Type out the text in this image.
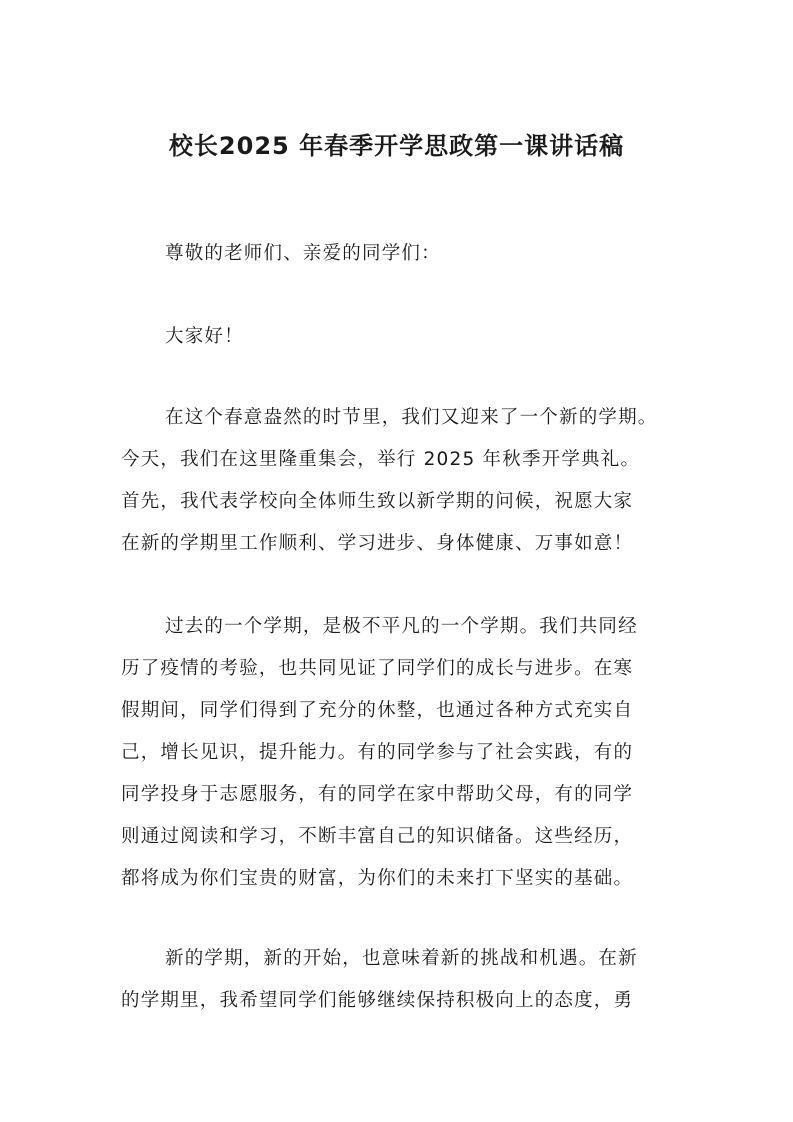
校长2025 年春季开学思政第一课讲话稿
尊敬的老师们、亲爱的同学们：
大家好！
在这个春意盎然的时节里，我们又迎来了一个新的学期。
今天，我们在这里隆重集会，举行 2025 年秋季开学典礼。
首先，我代表学校向全体师生致以新学期的问候，祝愿大家
在新的学期里工作顺利、学习进步、身体健康、万事如意！
过去的一个学期，是极不平凡的一个学期。我们共同经
历了疫情的考验，也共同见证了同学们的成长与进步。在寒
假期间，同学们得到了充分的休整，也通过各种方式充实自
己，增长见识，提升能力。有的同学参与了社会实践，有的
同学投身于志愿服务，有的同学在家中帮助父母，有的同学
则通过阅读和学习，不断丰富自己的知识储备。这些经历，
都将成为你们宝贵的财富，为你们的未来打下坚实的基础。
新的学期，新的开始，也意味着新的挑战和机遇。在新
的学期里，我希望同学们能够继续保持积极向上的态度，勇
